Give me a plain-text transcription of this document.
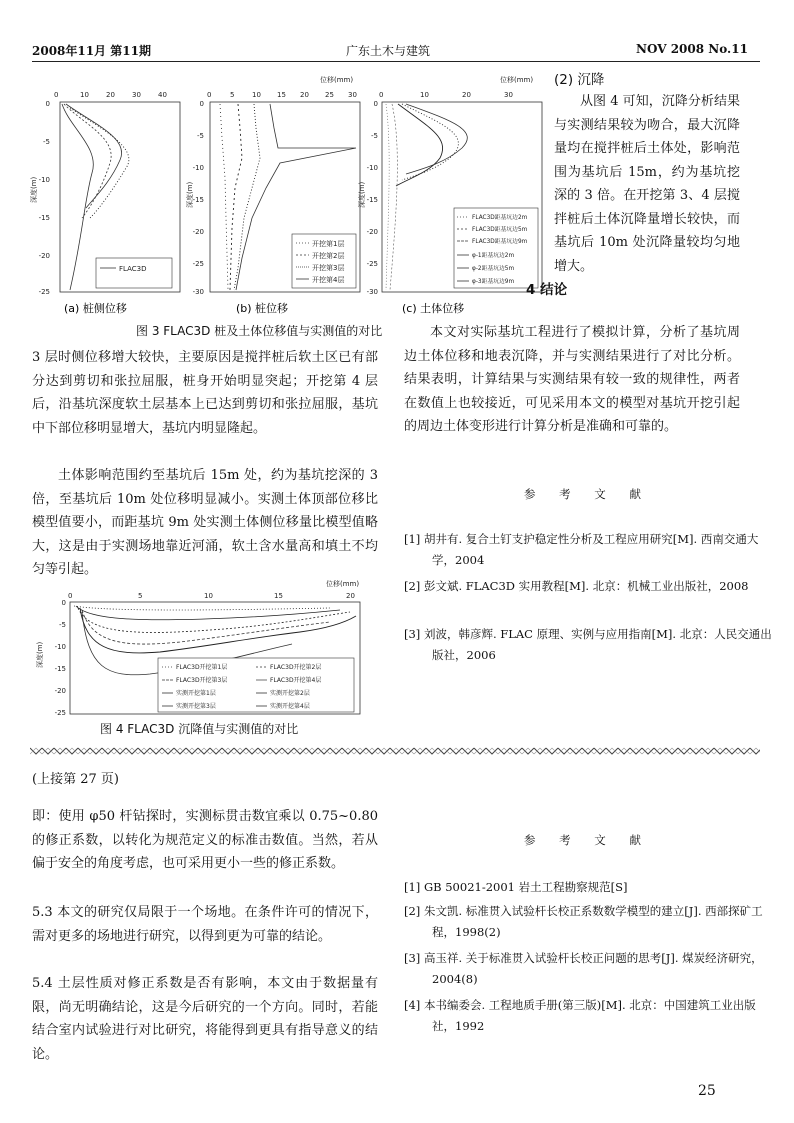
2008年11月 第11期	广东土木与建筑	NOV 2008 No.11
0	10 20 30 40
0
-5
-10
-15
-20
-25
深度(m)
FLAC3D
(a) 桩侧位移
位移(mm)
0	5	10 15 20 25 30
0
-5
-10
-15
-20
-25
-30
深度(m)
开挖第1层
开挖第2层
开挖第3层
开挖第4层
(b) 桩位移
位移(mm)
0	10	20	30
0
-5
-10
-15
-20
-25
-30
深度(m)
FLAC3D距基坑边2m
FLAC3D距基坑边5m
FLAC3D距基坑边9m
φ-1距基坑边2m
φ-2距基坑边5m
φ-3距基坑边9m
(c) 土体位移
图 3 FLAC3D 桩及土体位移值与实测值的对比
(2) 沉降
从图 4 可知，沉降分析结果与实测结果较为吻合，最大沉降量均在搅拌桩后土体处，影响范围为基坑后 15m，约为基坑挖深的 3 倍。在开挖第 3、4 层搅拌桩后土体沉降量增长较快，而基坑后 10m 处沉降量较均匀地增大。
4 结论
本文对实际基坑工程进行了模拟计算，分析了基坑周边土体位移和地表沉降，并与实测结果进行了对比分析。结果表明，计算结果与实测结果有较一致的规律性，两者在数值上也较接近，可见采用本文的模型对基坑开挖引起的周边土体变形进行计算分析是准确和可靠的。
参 考 文 献
[1] 胡井有. 复合土钉支护稳定性分析及工程应用研究[M]. 西南交通大学，2004
[2] 彭文斌. FLAC3D 实用教程[M]. 北京：机械工业出版社，2008
[3] 刘波，韩彦辉. FLAC 原理、实例与应用指南[M]. 北京：人民交通出版社，2006
3 层时侧位移增大较快，主要原因是搅拌桩后软土区已有部分达到剪切和张拉屈服，桩身开始明显突起；开挖第 4 层后，沿基坑深度软土层基本上已达到剪切和张拉屈服，基坑中下部位移明显增大，基坑内明显隆起。
土体影响范围约至基坑后 15m 处，约为基坑挖深的 3 倍，至基坑后 10m 处位移明显减小。实测土体顶部位移比模型值要小，而距基坑 9m 处实测土体侧位移量比模型值略大，这是由于实测场地靠近河涌，软土含水量高和填土不均匀等引起。
位移(mm)
0	5	10	15	20
0
-5
-10
-15
-20
-25
深度(m)	FLAC3D开挖第1层	FLAC3D开挖第2层
FLAC3D开挖第3层	FLAC3D开挖第4层
实测开挖第1层	实测开挖第2层
实测开挖第3层	实测开挖第4层
图 4 FLAC3D 沉降值与实测值的对比
(上接第 27 页)
即：使用 φ50 杆钻探时，实测标贯击数宜乘以 0.75~0.80 的修正系数，以转化为规范定义的标准击数值。当然，若从偏于安全的角度考虑，也可采用更小一些的修正系数。
5.3 本文的研究仅局限于一个场地。在条件许可的情况下，需对更多的场地进行研究，以得到更为可靠的结论。
5.4 土层性质对修正系数是否有影响，本文由于数据量有限，尚无明确结论，这是今后研究的一个方向。同时，若能结合室内试验进行对比研究，将能得到更具有指导意义的结论。
参 考 文 献
[1] GB 50021-2001 岩土工程勘察规范[S]
[2] 朱文凯. 标准贯入试验杆长校正系数数学模型的建立[J]. 西部探矿工程，1998(2)
[3] 高玉祥. 关于标准贯入试验杆长校正问题的思考[J]. 煤炭经济研究，2004(8)
[4] 本书编委会. 工程地质手册(第三版)[M]. 北京：中国建筑工业出版社，1992
25
